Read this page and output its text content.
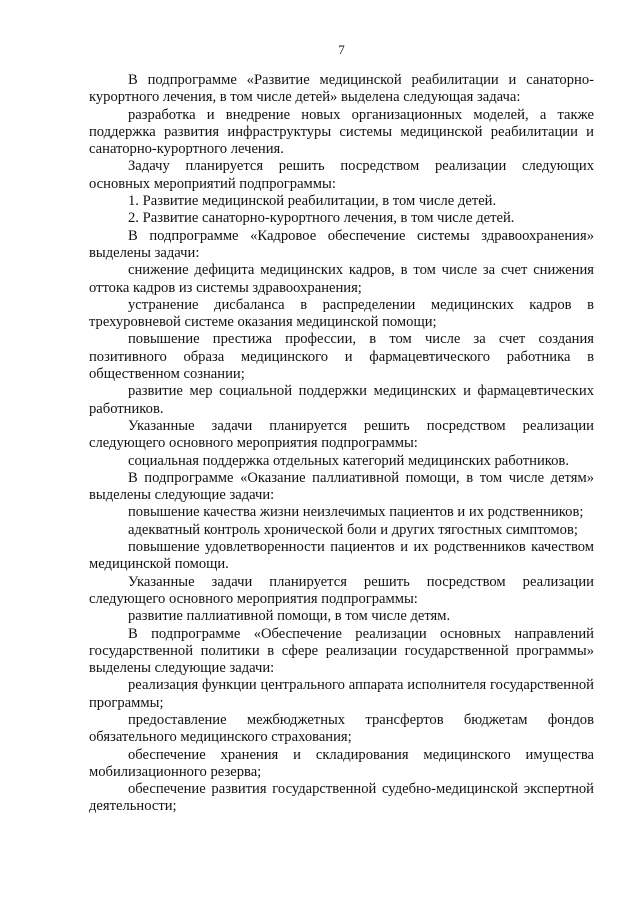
7

В подпрограмме «Развитие медицинской реабилитации и санаторно-курортного лечения, в том числе детей» выделена следующая задача:

разработка и внедрение новых организационных моделей, а также поддержка развития инфраструктуры системы медицинской реабилитации и санаторно-курортного лечения.

Задачу планируется решить посредством реализации следующих основных мероприятий подпрограммы:

1. Развитие медицинской реабилитации, в том числе детей.

2. Развитие санаторно-курортного лечения, в том числе детей.

В подпрограмме «Кадровое обеспечение системы здравоохранения» выделены задачи:

снижение дефицита медицинских кадров, в том числе за счет снижения оттока кадров из системы здравоохранения;

устранение дисбаланса в распределении медицинских кадров в трехуровневой системе оказания медицинской помощи;

повышение престижа профессии, в том числе за счет создания позитивного образа медицинского и фармацевтического работника в общественном сознании;

развитие мер социальной поддержки медицинских и фармацевтических работников.

Указанные задачи планируется решить посредством реализации следующего основного мероприятия подпрограммы:

социальная поддержка отдельных категорий медицинских работников.

В подпрограмме «Оказание паллиативной помощи, в том числе детям» выделены следующие задачи:

повышение качества жизни неизлечимых пациентов и их родственников;

адекватный контроль хронической боли и других тягостных симптомов;

повышение удовлетворенности пациентов и их родственников качеством медицинской помощи.

Указанные задачи планируется решить посредством реализации следующего основного мероприятия подпрограммы:

развитие паллиативной помощи, в том числе детям.

В подпрограмме «Обеспечение реализации основных направлений государственной политики в сфере реализации государственной программы» выделены следующие задачи:

реализация функции центрального аппарата исполнителя государственной программы;

предоставление межбюджетных трансфертов бюджетам фондов обязательного медицинского страхования;

обеспечение хранения и складирования медицинского имущества мобилизационного резерва;

обеспечение развития государственной судебно-медицинской экспертной деятельности;
